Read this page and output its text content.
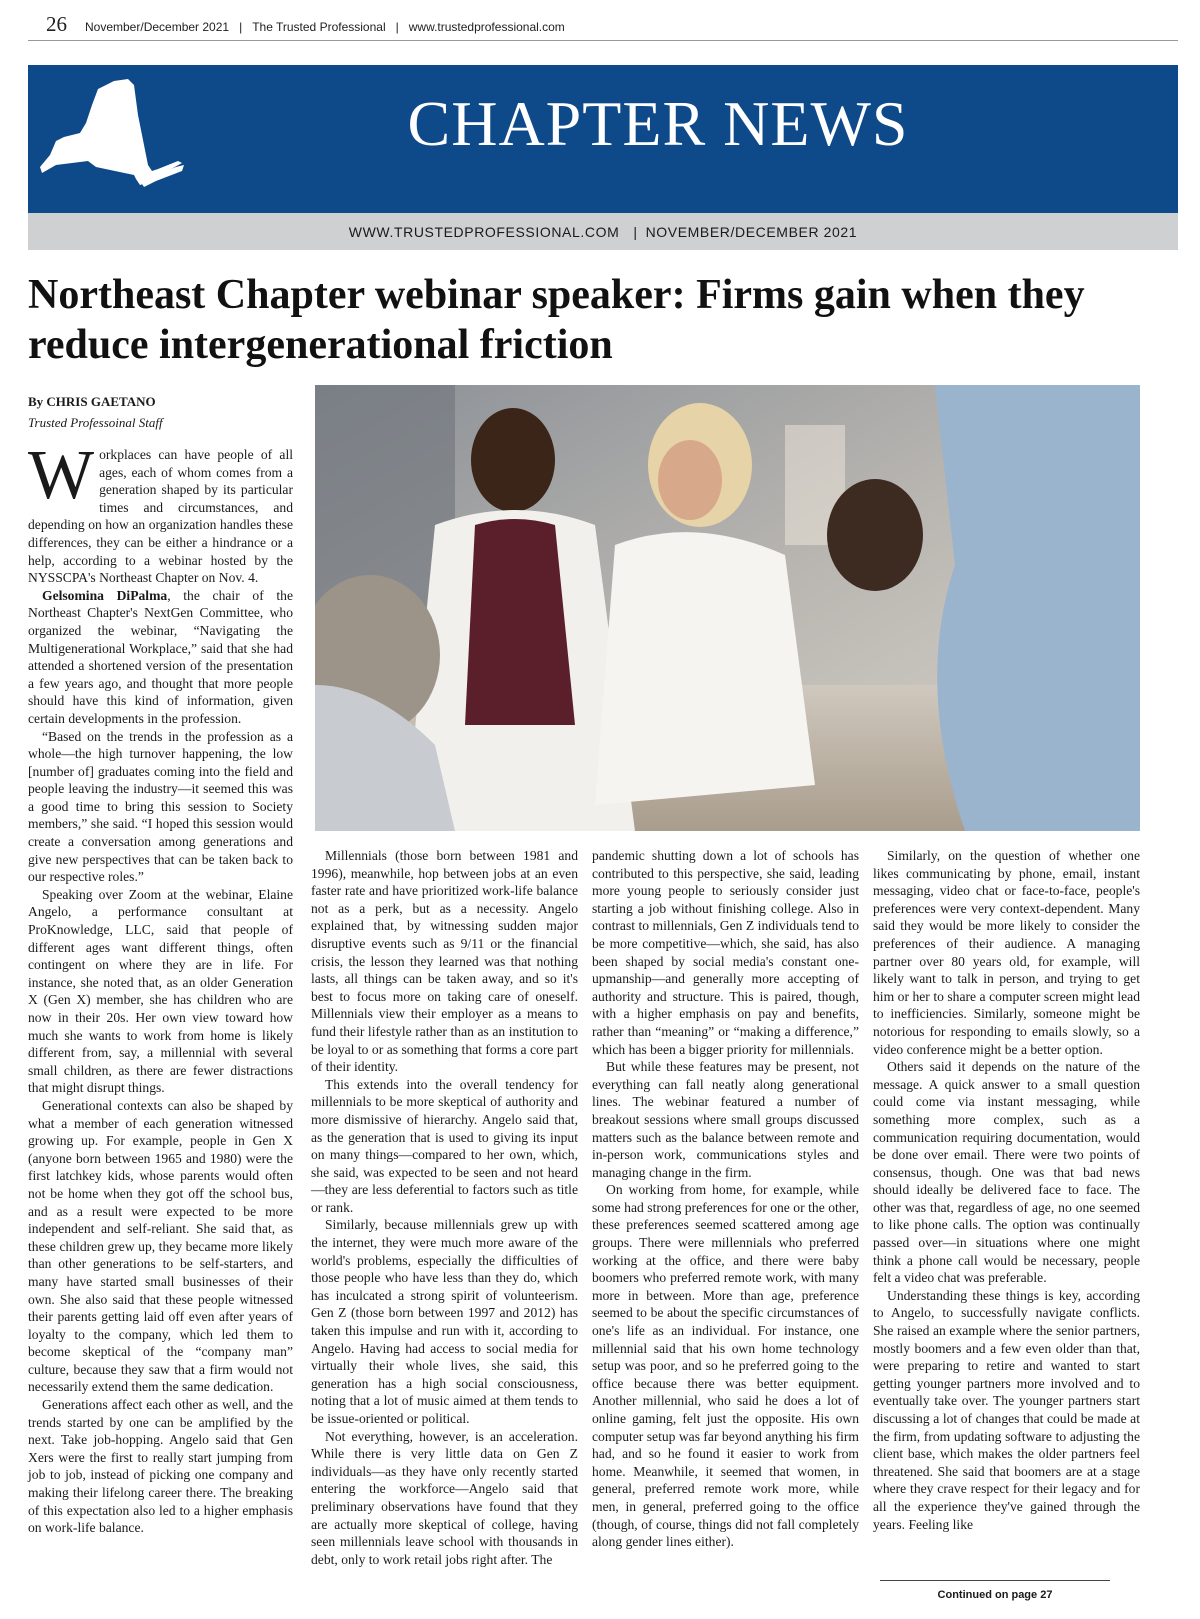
26 November/December 2021 | The Trusted Professional | www.trustedprofessional.com
CHAPTER NEWS
WWW.TRUSTEDPROFESSIONAL.COM | NOVEMBER/DECEMBER 2021
Northeast Chapter webinar speaker: Firms gain when they reduce intergenerational friction
By CHRIS GAETANO
Trusted Professoinal Staff

Workplaces can have people of all ages, each of whom comes from a generation shaped by its particular times and circumstances, and depending on how an organization handles these differences, they can be either a hindrance or a help, according to a webinar hosted by the NYSSCPA's Northeast Chapter on Nov. 4.

Gelsomina DiPalma, the chair of the Northeast Chapter's NextGen Committee, who organized the webinar, “Navigating the Multigenerational Workplace,” said that she had attended a shortened version of the presentation a few years ago, and thought that more people should have this kind of information, given certain developments in the profession.

“Based on the trends in the profession as a whole—the high turnover happening, the low [number of] graduates coming into the field and people leaving the industry—it seemed this was a good time to bring this session to Society members,” she said. “I hoped this session would create a conversation among generations and give new perspectives that can be taken back to our respective roles.”

Speaking over Zoom at the webinar, Elaine Angelo, a performance consultant at ProKnowledge, LLC, said that people of different ages want different things, often contingent on where they are in life. For instance, she noted that, as an older Generation X (Gen X) member, she has children who are now in their 20s. Her own view toward how much she wants to work from home is likely different from, say, a millennial with several small children, as there are fewer distractions that might disrupt things.

Generational contexts can also be shaped by what a member of each generation witnessed growing up. For example, people in Gen X (anyone born between 1965 and 1980) were the first latchkey kids, whose parents would often not be home when they got off the school bus, and as a result were expected to be more independent and self-reliant. She said that, as these children grew up, they became more likely than other generations to be self-starters, and many have started small businesses of their own. She also said that these people witnessed their parents getting laid off even after years of loyalty to the company, which led them to become skeptical of the “company man” culture, because they saw that a firm would not necessarily extend them the same dedication.

Generations affect each other as well, and the trends started by one can be amplified by the next. Take job-hopping. Angelo said that Gen Xers were the first to really start jumping from job to job, instead of picking one company and making their lifelong career there. The breaking of this expectation also led to a higher emphasis on work-life balance.

Millennials (those born between 1981 and 1996), meanwhile, hop between jobs at an even faster rate and have prioritized work-life balance not as a perk, but as a necessity. Angelo explained that, by witnessing sudden major disruptive events such as 9/11 or the financial crisis, the lesson they learned was that nothing lasts, all things can be taken away, and so it's best to focus more on taking care of oneself. Millennials view their employer as a means to fund their lifestyle rather than as an institution to be loyal to or as something that forms a core part of their identity.

This extends into the overall tendency for millennials to be more skeptical of authority and more dismissive of hierarchy. Angelo said that, as the generation that is used to giving its input on many things—compared to her own, which, she said, was expected to be seen and not heard—they are less deferential to factors such as title or rank.

Similarly, because millennials grew up with the internet, they were much more aware of the world's problems, especially the difficulties of those people who have less than they do, which has inculcated a strong spirit of volunteerism. Gen Z (those born between 1997 and 2012) has taken this impulse and run with it, according to Angelo. Having had access to social media for virtually their whole lives, she said, this generation has a high social consciousness, noting that a lot of music aimed at them tends to be issue-oriented or political.

Not everything, however, is an acceleration. While there is very little data on Gen Z individuals—as they have only recently started entering the workforce—Angelo said that preliminary observations have found that they are actually more skeptical of college, having seen millennials leave school with thousands in debt, only to work retail jobs right after. The

pandemic shutting down a lot of schools has contributed to this perspective, she said, leading more young people to seriously consider just starting a job without finishing college. Also in contrast to millennials, Gen Z individuals tend to be more competitive—which, she said, has also been shaped by social media's constant one-upmanship—and generally more accepting of authority and structure. This is paired, though, with a higher emphasis on pay and benefits, rather than “meaning” or “making a difference,” which has been a bigger priority for millennials.

But while these features may be present, not everything can fall neatly along generational lines. The webinar featured a number of breakout sessions where small groups discussed matters such as the balance between remote and in-person work, communications styles and managing change in the firm.

On working from home, for example, while some had strong preferences for one or the other, these preferences seemed scattered among age groups. There were millennials who preferred working at the office, and there were baby boomers who preferred remote work, with many more in between. More than age, preference seemed to be about the specific circumstances of one's life as an individual. For instance, one millennial said that his own home technology setup was poor, and so he preferred going to the office because there was better equipment. Another millennial, who said he does a lot of online gaming, felt just the opposite. His own computer setup was far beyond anything his firm had, and so he found it easier to work from home. Meanwhile, it seemed that women, in general, preferred remote work more, while men, in general, preferred going to the office (though, of course, things did not fall completely along gender lines either).

Similarly, on the question of whether one likes communicating by phone, email, instant messaging, video chat or face-to-face, people's preferences were very context-dependent. Many said they would be more likely to consider the preferences of their audience. A managing partner over 80 years old, for example, will likely want to talk in person, and trying to get him or her to share a computer screen might lead to inefficiencies. Similarly, someone might be notorious for responding to emails slowly, so a video conference might be a better option.

Others said it depends on the nature of the message. A quick answer to a small question could come via instant messaging, while something more complex, such as a communication requiring documentation, would be done over email. There were two points of consensus, though. One was that bad news should ideally be delivered face to face. The other was that, regardless of age, no one seemed to like phone calls. The option was continually passed over—in situations where one might think a phone call would be necessary, people felt a video chat was preferable.

Understanding these things is key, according to Angelo, to successfully navigate conflicts. She raised an example where the senior partners, mostly boomers and a few even older than that, were preparing to retire and wanted to start getting younger partners more involved and to eventually take over. The younger partners start discussing a lot of changes that could be made at the firm, from updating software to adjusting the client base, which makes the older partners feel threatened. She said that boomers are at a stage where they crave respect for their legacy and for all the experience they've gained through the years. Feeling like

Continued on page 27
